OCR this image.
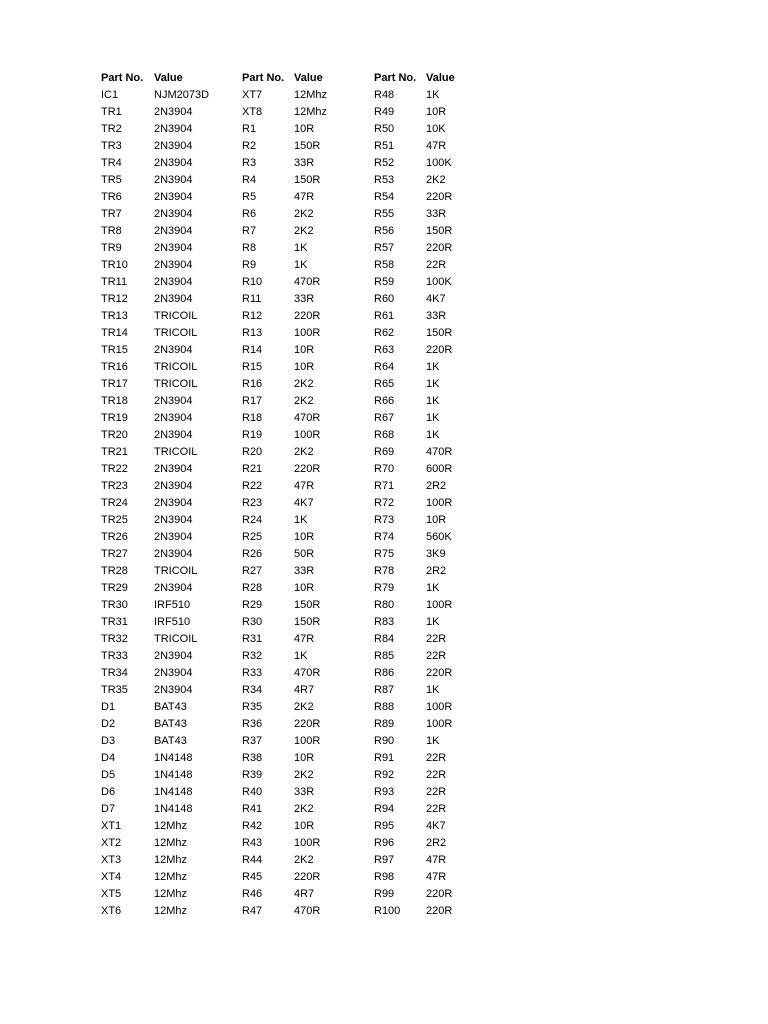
Part No. Value	Part No. Value	Part No. Value
IC1	NJM2073D	XT7	12Mhz	R48	1K
TR1	2N3904	XT8	12Mhz	R49	10R
TR2	2N3904	R1	10R	R50	10K
TR3	2N3904	R2	150R	R51	47R
TR4	2N3904	R3	33R	R52	100K
TR5	2N3904	R4	150R	R53	2K2
TR6	2N3904	R5	47R	R54	220R
TR7	2N3904	R6	2K2	R55	33R
TR8	2N3904	R7	2K2	R56	150R
TR9	2N3904	R8	1K	R57	220R
TR10 2N3904	R9	1K	R58	22R
TR11 2N3904	R10	470R	R59	100K
TR12 2N3904	R11	33R	R60	4K7
TR13 TRICOIL	R12	220R	R61	33R
TR14 TRICOIL	R13	100R	R62	150R
TR15 2N3904	R14	10R	R63	220R
TR16 TRICOIL	R15	10R	R64	1K
TR17 TRICOIL	R16	2K2	R65	1K
TR18 2N3904	R17	2K2	R66	1K
TR19 2N3904	R18	470R	R67	1K
TR20 2N3904	R19	100R	R68	1K
TR21 TRICOIL	R20	2K2	R69	470R
TR22 2N3904	R21	220R	R70	600R
TR23 2N3904	R22	47R	R71	2R2
TR24 2N3904	R23	4K7	R72	100R
TR25 2N3904	R24	1K	R73	10R
TR26 2N3904	R25	10R	R74	560K
TR27 2N3904	R26	50R	R75	3K9
TR28 TRICOIL	R27	33R	R78	2R2
TR29 2N3904	R28	10R	R79	1K
TR30 IRF510	R29	150R	R80	100R
TR31 IRF510	R30	150R	R83	1K
TR32 TRICOIL	R31	47R	R84	22R
TR33 2N3904	R32	1K	R85	22R
TR34 2N3904	R33	470R	R86	220R
TR35 2N3904	R34	4R7	R87	1K
D1	BAT43	R35	2K2	R88	100R
D2	BAT43	R36	220R	R89	100R
D3	BAT43	R37	100R	R90	1K
D4	1N4148	R38	10R	R91	22R
D5	1N4148	R39	2K2	R92	22R
D6	1N4148	R40	33R	R93	22R
D7	1N4148	R41	2K2	R94	22R
XT1	12Mhz	R42	10R	R95	4K7
XT2	12Mhz	R43	100R	R96	2R2
XT3	12Mhz	R44	2K2	R97	47R
XT4	12Mhz	R45	220R	R98	47R
XT5	12Mhz	R46	4R7	R99	220R
XT6	12Mhz	R47	470R	R100 220R
